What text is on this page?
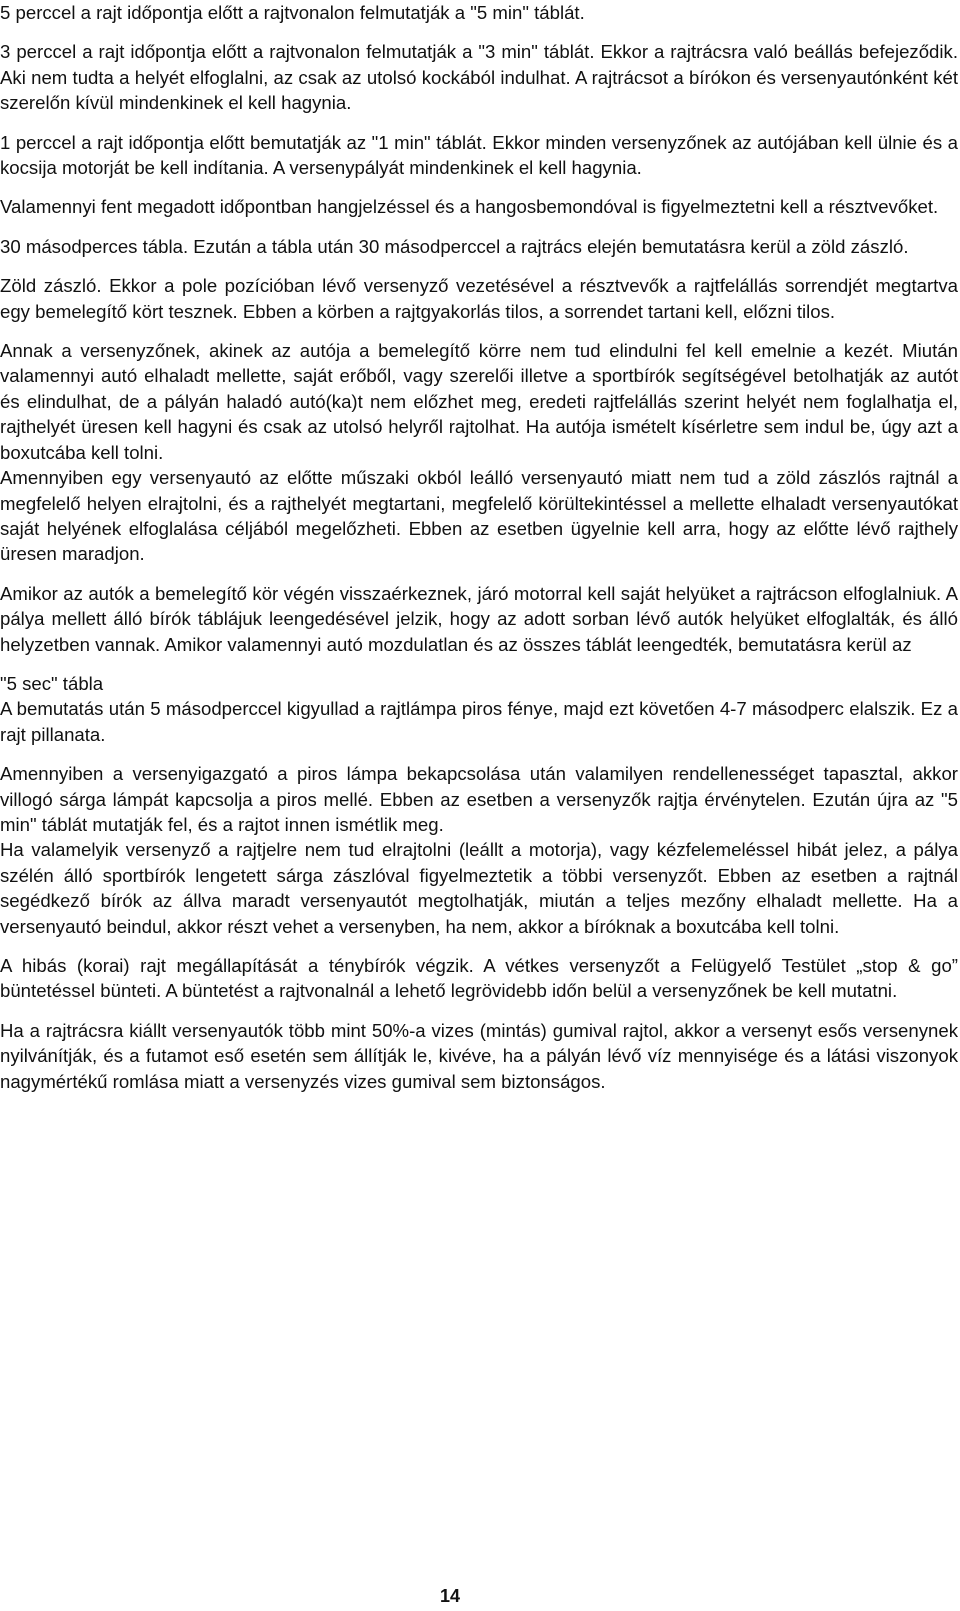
5 perccel a rajt időpontja előtt a rajtvonalon felmutatják a "5 min" táblát.

3 perccel a rajt időpontja előtt a rajtvonalon felmutatják a "3 min" táblát. Ekkor a rajtrácsra való beállás befejeződik. Aki nem tudta a helyét elfoglalni, az csak az utolsó kockából indulhat. A rajtrácsot a bírókon és versenyautónként két szerelőn kívül mindenkinek el kell hagynia.

1 perccel a rajt időpontja előtt bemutatják az "1 min" táblát. Ekkor minden versenyzőnek az autójában kell ülnie és a kocsija motorját be kell indítania. A versenypályát mindenkinek el kell hagynia.

Valamennyi fent megadott időpontban hangjelzéssel és a hangosbemondóval is figyelmeztetni kell a résztvevőket.

30 másodperces tábla. Ezután a tábla után 30 másodperccel a rajtrács elején bemutatásra kerül a zöld zászló.

Zöld zászló. Ekkor a pole pozícióban lévő versenyző vezetésével a résztvevők a rajtfelállás sorrendjét megtartva egy bemelegítő kört tesznek. Ebben a körben a rajtgyakorlás tilos, a sorrendet tartani kell, előzni tilos.

Annak a versenyzőnek, akinek az autója a bemelegítő körre nem tud elindulni fel kell emelnie a kezét. Miután valamennyi autó elhaladt mellette, saját erőből, vagy szerelői illetve a sportbírók segítségével betolhatják az autót és elindulhat, de a pályán haladó autó(ka)t nem előzhet meg, eredeti rajtfelállás szerint helyét nem foglalhatja el, rajthelyét üresen kell hagyni és csak az utolsó helyről rajtolhat. Ha autója ismételt kísérletre sem indul be, úgy azt a boxutcába kell tolni.

Amennyiben egy versenyautó az előtte műszaki okból leálló versenyautó miatt nem tud a zöld zászlós rajtnál a megfelelő helyen elrajtolni, és a rajthelyét megtartani, megfelelő körültekintéssel a mellette elhaladt versenyautókat saját helyének elfoglalása céljából megelőzheti. Ebben az esetben ügyelnie kell arra, hogy az előtte lévő rajthely üresen maradjon.

Amikor az autók a bemelegítő kör végén visszaérkeznek, járó motorral kell saját helyüket a rajtrácson elfoglalniuk. A pálya mellett álló bírók táblájuk leengedésével jelzik, hogy az adott sorban lévő autók helyüket elfoglalták, és álló helyzetben vannak. Amikor valamennyi autó mozdulatlan és az összes táblát leengedték, bemutatásra kerül az

"5 sec" tábla

A bemutatás után 5 másodperccel kigyullad a rajtlámpa piros fénye, majd ezt követően 4-7 másodperc elalszik. Ez a rajt pillanata.

Amennyiben a versenyigazgató a piros lámpa bekapcsolása után valamilyen rendellenességet tapasztal, akkor villogó sárga lámpát kapcsolja a piros mellé. Ebben az esetben a versenyzők rajtja érvénytelen. Ezután újra az "5 min" táblát mutatják fel, és a rajtot innen ismétlik meg.

Ha valamelyik versenyző a rajtjelre nem tud elrajtolni (leállt a motorja), vagy kézfelemeléssel hibát jelez, a pálya szélén álló sportbírók lengetett sárga zászlóval figyelmeztetik a többi versenyzőt. Ebben az esetben a rajtnál segédkező bírók az állva maradt versenyautót megtolhatják, miután a teljes mezőny elhaladt mellette. Ha a versenyautó beindul, akkor részt vehet a versenyben, ha nem, akkor a bíróknak a boxutcába kell tolni.

A hibás (korai) rajt megállapítását a ténybírók végzik. A vétkes versenyzőt a Felügyelő Testület „stop & go” büntetéssel bünteti. A büntetést a rajtvonalnál a lehető legrövidebb időn belül a versenyzőnek be kell mutatni.

Ha a rajtrácsra kiállt versenyautók több mint 50%-a vizes (mintás) gumival rajtol, akkor a versenyt esős versenynek nyilvánítják, és a futamot eső esetén sem állítják le, kivéve, ha a pályán lévő víz mennyisége és a látási viszonyok nagymértékű romlása miatt a versenyzés vizes gumival sem biztonságos.

14
